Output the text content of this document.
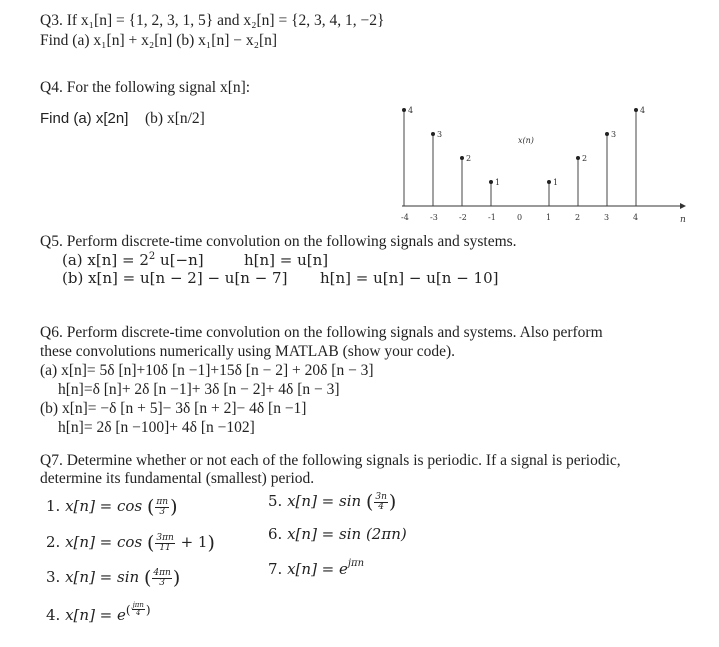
Q3. If x₁[n] = {1, 2, 3, 1, 5} and x₂[n] = {2, 3, 4, 1, −2}
Find (a) x₁[n] + x₂[n] (b) x₁[n] − x₂[n]
Q4. For the following signal x[n]:
Find (a) x[2n] (b) x[n/2]
n
x(n)
-4	-3	-2	-1	0	1	2	3	4
4
3
2
1	1
2
3
4
Q5. Perform discrete-time convolution on the following signals and systems.
(a) $x[n] = 2^2$ u[−n]	h[n] = u[n]
(b) x[n] = u[n − 2] − u[n − 7] h[n] = u[n] − u[n − 10]
Q6. Perform discrete-time convolution on the following signals and systems. Also perform
these convolutions numerically using MATLAB (show your code).
(a) x[n]= 5δ [n]+10δ [n −1]+15δ [n − 2] + 20δ [n − 3]
h[n]=δ [n]+ 2δ [n −1]+ 3δ [n − 2]+ 4δ [n − 3]
(b) x[n]= −δ [n + 5]− 3δ [n + 2]− 4δ [n −1]
h[n]= 2δ [n −100]+ 4δ [n −102]
Q7. Determine whether or not each of the following signals is periodic. If a signal is periodic,
determine its fundamental (smallest) period.
1. x[n] = cos ( $\frac{\pi n}{3}$ )
2. x[n] = cos ( $\frac{3\pi n}{11} + 1$)
3. x[n] = sin ( $\frac{4\pi n}{3}$ )
4. $x[n] = e^{( \frac{\text{jπn}}{4} )}$
5. x[n] = sin ( $\frac{3n}{4}$ )
6. x[n] = sin (2πn)
7. $x[n] = e^{j\pi n}$
